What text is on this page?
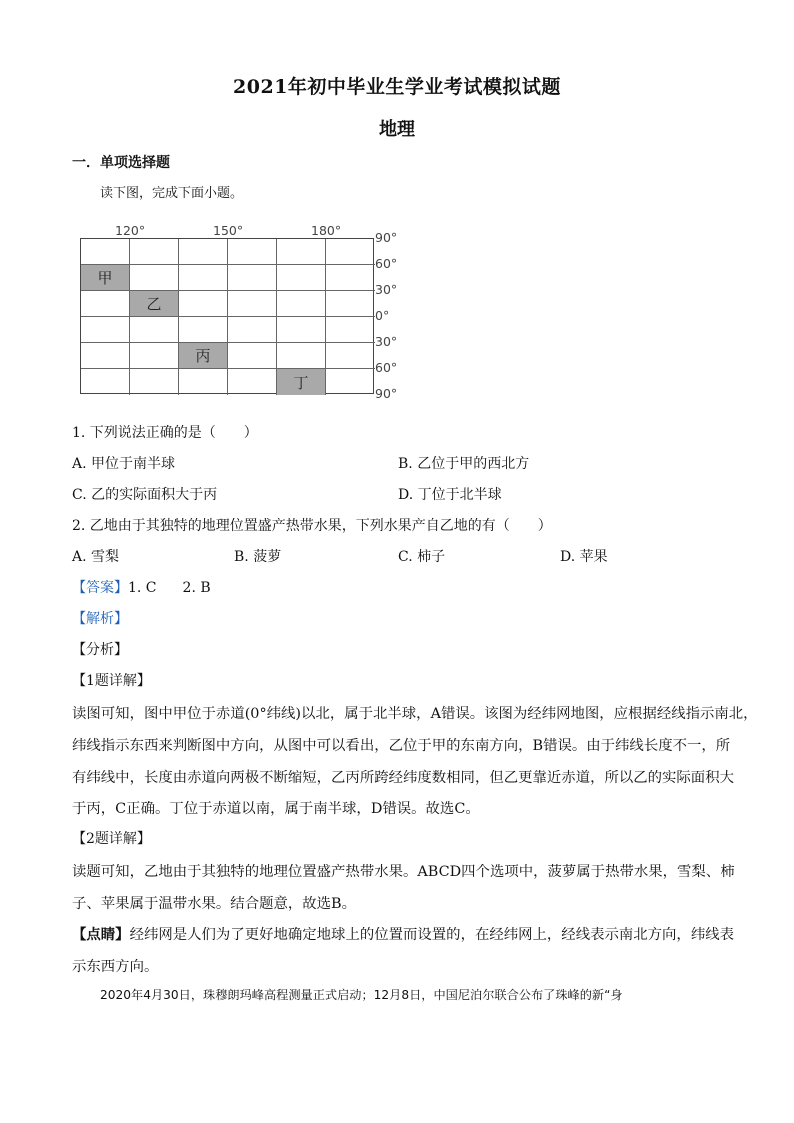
2021年初中毕业生学业考试模拟试题
地理
一．单项选择题
读下图，完成下面小题。
120°	150°	180°	90°
60°
30°
0°
30°
60°
90°
甲
乙
丙
丁
1. 下列说法正确的是（　　）
A. 甲位于南半球	B. 乙位于甲的西北方
C. 乙的实际面积大于丙	D. 丁位于北半球
2. 乙地由于其独特的地理位置盛产热带水果，下列水果产自乙地的有（　　）
A. 雪梨	B. 菠萝	C. 柿子	D. 苹果
【答案】1. C 2. B
【解析】
【分析】
【1题详解】
读图可知，图中甲位于赤道(0°纬线)以北，属于北半球，A错误。该图为经纬网地图，应根据经线指示南北，
纬线指示东西来判断图中方向，从图中可以看出，乙位于甲的东南方向，B错误。由于纬线长度不一，所
有纬线中，长度由赤道向两极不断缩短，乙丙所跨经纬度数相同，但乙更靠近赤道，所以乙的实际面积大
于丙，C正确。丁位于赤道以南，属于南半球，D错误。故选C。
【2题详解】
读题可知，乙地由于其独特的地理位置盛产热带水果。ABCD四个选项中，菠萝属于热带水果，雪梨、柿
子、苹果属于温带水果。结合题意，故选B。
【点睛】经纬网是人们为了更好地确定地球上的位置而设置的，在经纬网上，经线表示南北方向，纬线表
示东西方向。
2020年4月30日，珠穆朗玛峰高程测量正式启动；12月8日，中国尼泊尔联合公布了珠峰的新“身
